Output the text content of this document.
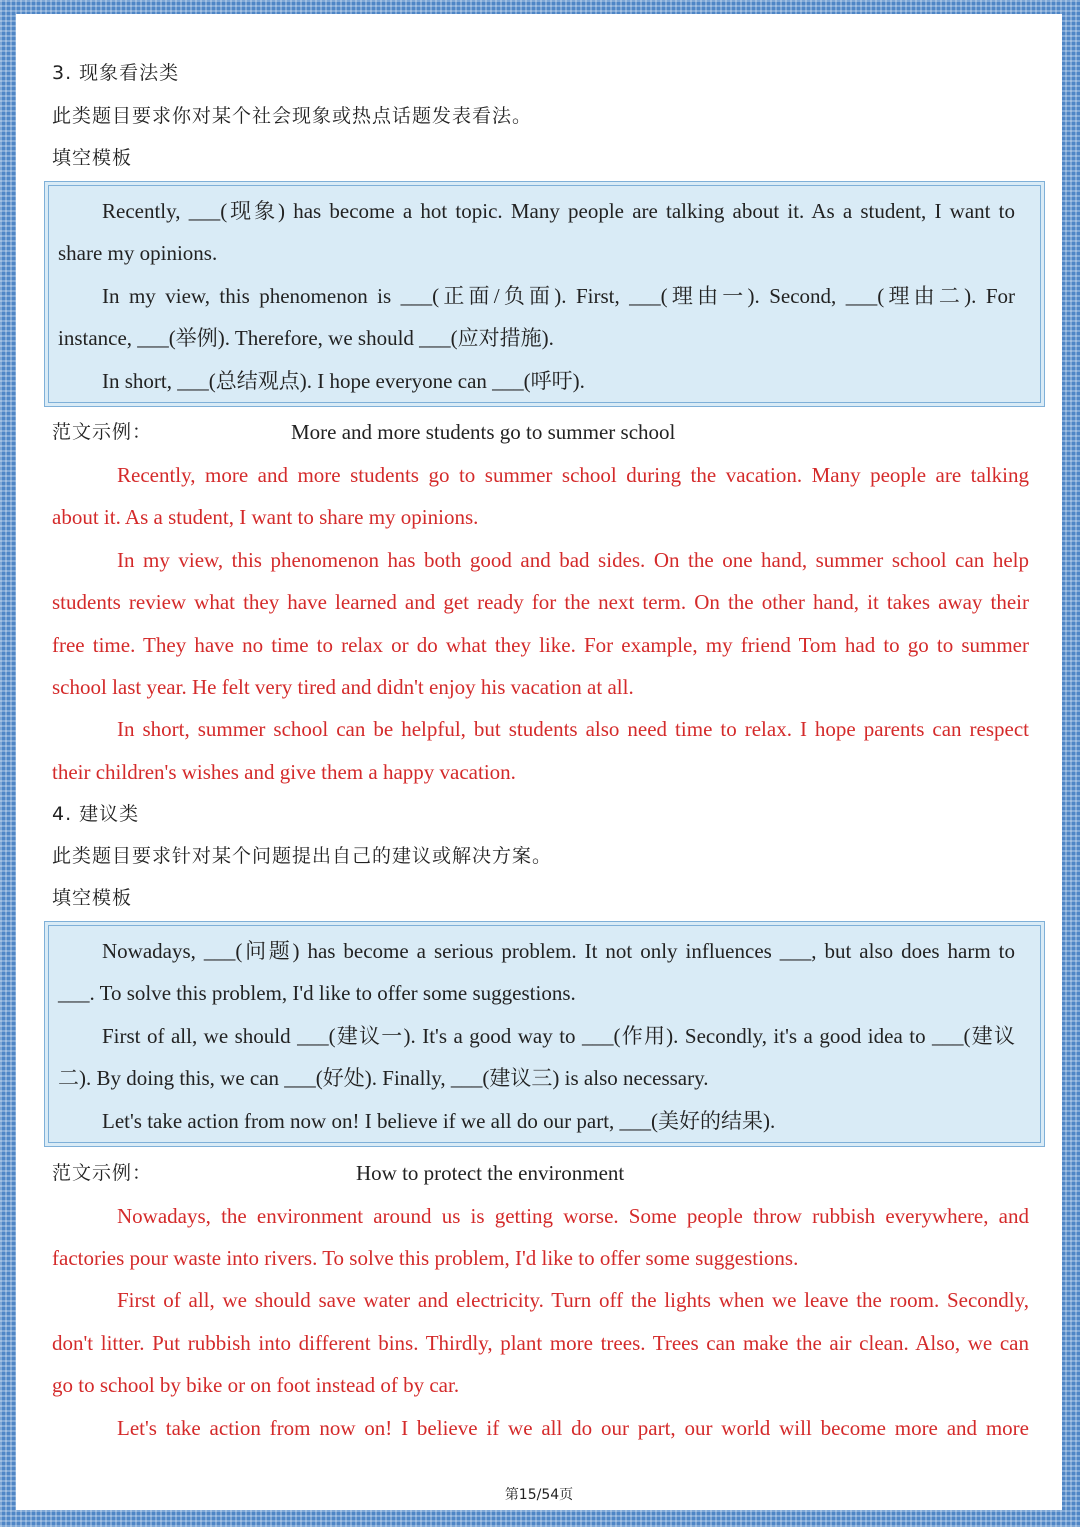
3. 现象看法类
此类题目要求你对某个社会现象或热点话题发表看法。
填空模板
Recently, ___(现象) has become a hot topic. Many people are talking about it. As a student, I want to
share my opinions.
In my view, this phenomenon is ___(正面/负面). First, ___(理由一). Second, ___(理由二). For
instance, ___(举例). Therefore, we should ___(应对措施).
In short, ___(总结观点). I hope everyone can ___(呼吁).
范文示例：	More and more students go to summer school
Recently, more and more students go to summer school during the vacation. Many people are talking
about it. As a student, I want to share my opinions.
In my view, this phenomenon has both good and bad sides. On the one hand, summer school can help
students review what they have learned and get ready for the next term. On the other hand, it takes away their
free time. They have no time to relax or do what they like. For example, my friend Tom had to go to summer
school last year. He felt very tired and didn't enjoy his vacation at all.
In short, summer school can be helpful, but students also need time to relax. I hope parents can respect
their children's wishes and give them a happy vacation.
4. 建议类
此类题目要求针对某个问题提出自己的建议或解决方案。
填空模板
Nowadays, ___(问题) has become a serious problem. It not only influences ___, but also does harm to
___. To solve this problem, I'd like to offer some suggestions.
First of all, we should ___(建议一). It's a good way to ___(作用). Secondly, it's a good idea to ___(建议
二). By doing this, we can ___(好处). Finally, ___(建议三) is also necessary.
Let's take action from now on! I believe if we all do our part, ___(美好的结果).
范文示例：	How to protect the environment
Nowadays, the environment around us is getting worse. Some people throw rubbish everywhere, and
factories pour waste into rivers. To solve this problem, I'd like to offer some suggestions.
First of all, we should save water and electricity. Turn off the lights when we leave the room. Secondly,
don't litter. Put rubbish into different bins. Thirdly, plant more trees. Trees can make the air clean. Also, we can
go to school by bike or on foot instead of by car.
Let's take action from now on! I believe if we all do our part, our world will become more and more
第15/54页
